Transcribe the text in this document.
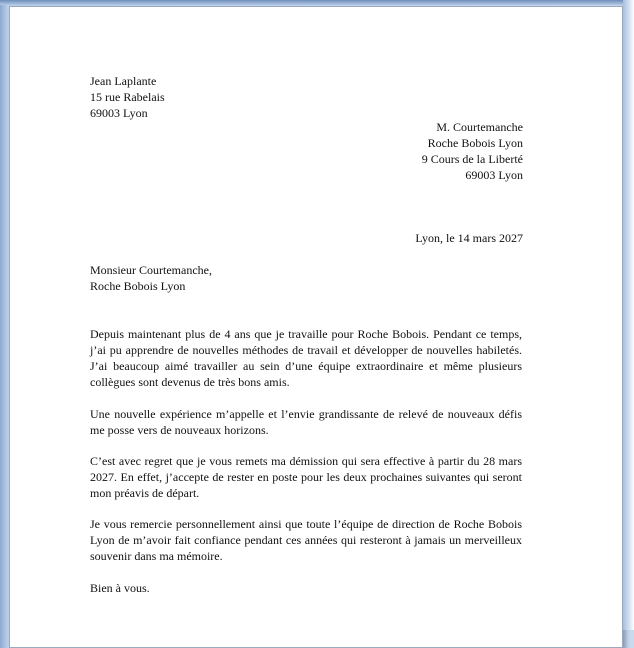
Jean Laplante
15 rue Rabelais
69003 Lyon
M. Courtemanche
Roche Bobois Lyon
9 Cours de la Liberté
69003 Lyon
Lyon, le 14 mars 2027
Monsieur Courtemanche,
Roche Bobois Lyon
Depuis maintenant plus de 4 ans que je travaille pour Roche Bobois. Pendant ce temps, j’ai pu apprendre de nouvelles méthodes de travail et développer de nouvelles habiletés. J’ai beaucoup aimé travailler au sein d’une équipe extraordinaire et même plusieurs collègues sont devenus de très bons amis.
Une nouvelle expérience m’appelle et l’envie grandissante de relevé de nouveaux défis me posse vers de nouveaux horizons.
C’est avec regret que je vous remets ma démission qui sera effective à partir du 28 mars 2027. En effet, j’accepte de rester en poste pour les deux prochaines suivantes qui seront mon préavis de départ.
Je vous remercie personnellement ainsi que toute l’équipe de direction de Roche Bobois Lyon de m’avoir fait confiance pendant ces années qui resteront à jamais un merveilleux souvenir dans ma mémoire.
Bien à vous.
